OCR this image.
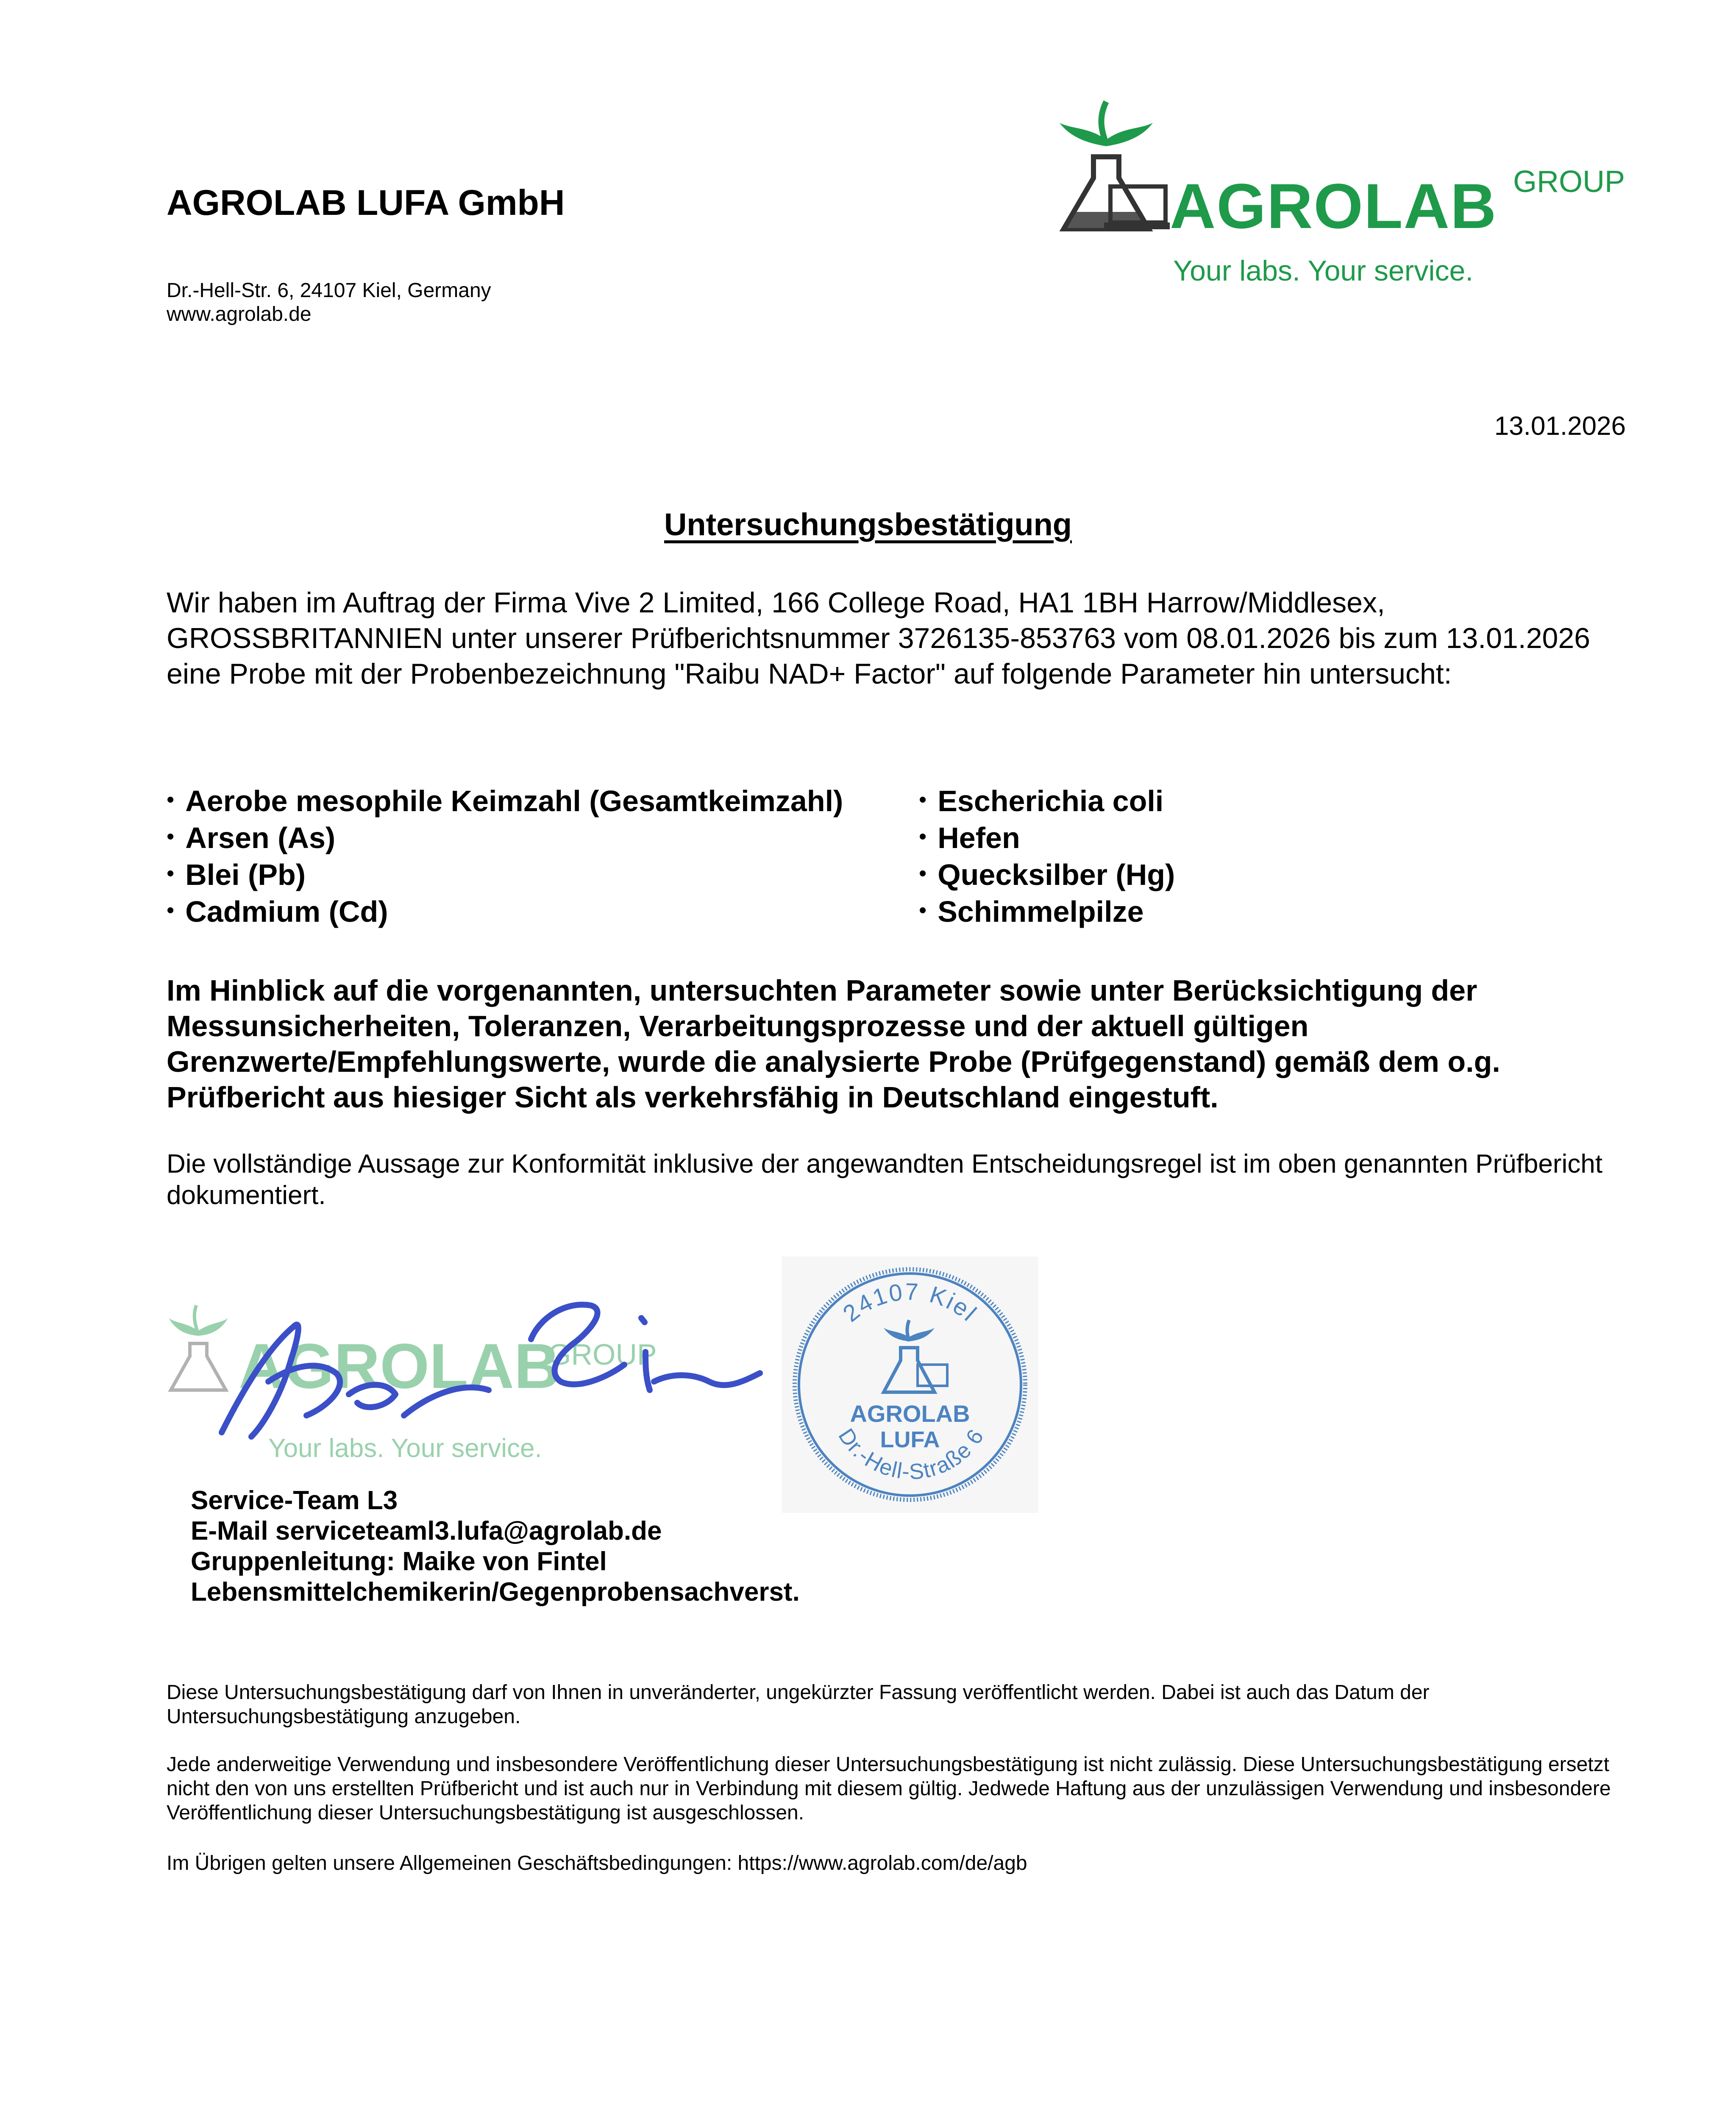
AGROLAB LUFA GmbH
Dr.-Hell-Str. 6, 24107 Kiel, Germany
www.agrolab.de
AGROLAB GROUP
Your labs. Your service.
13.01.2026
Untersuchungsbestätigung
Wir haben im Auftrag der Firma Vive 2 Limited, 166 College Road, HA1 1BH Harrow/Middlesex, GROSSBRITANNIEN unter unserer Prüfberichtsnummer 3726135-853763 vom 08.01.2026 bis zum 13.01.2026 eine Probe mit der Probenbezeichnung "Raibu NAD+ Factor" auf folgende Parameter hin untersucht:
• Aerobe mesophile Keimzahl (Gesamtkeimzahl)
• Arsen (As)
• Blei (Pb)
• Cadmium (Cd)
• Escherichia coli
• Hefen
• Quecksilber (Hg)
• Schimmelpilze
Im Hinblick auf die vorgenannten, untersuchten Parameter sowie unter Berücksichtigung der Messunsicherheiten, Toleranzen, Verarbeitungsprozesse und der aktuell gültigen Grenzwerte/Empfehlungswerte, wurde die analysierte Probe (Prüfgegenstand) gemäß dem o.g. Prüfbericht aus hiesiger Sicht als verkehrsfähig in Deutschland eingestuft.
Die vollständige Aussage zur Konformität inklusive der angewandten Entscheidungsregel ist im oben genannten Prüfbericht dokumentiert.
AGROLAB
GROUP
Your labs. Your service.
24107 Kiel
Dr.-Hell-Straße 6
AGROLAB
LUFA
Service-Team L3
E-Mail serviceteaml3.lufa@agrolab.de
Gruppenleitung: Maike von Fintel
Lebensmittelchemikerin/Gegenprobensachverst.
Diese Untersuchungsbestätigung darf von Ihnen in unveränderter, ungekürzter Fassung veröffentlicht werden. Dabei ist auch das Datum der Untersuchungsbestätigung anzugeben.
Jede anderweitige Verwendung und insbesondere Veröffentlichung dieser Untersuchungsbestätigung ist nicht zulässig. Diese Untersuchungsbestätigung ersetzt nicht den von uns erstellten Prüfbericht und ist auch nur in Verbindung mit diesem gültig. Jedwede Haftung aus der unzulässigen Verwendung und insbesondere Veröffentlichung dieser Untersuchungsbestätigung ist ausgeschlossen.
Im Übrigen gelten unsere Allgemeinen Geschäftsbedingungen: https://www.agrolab.com/de/agb
